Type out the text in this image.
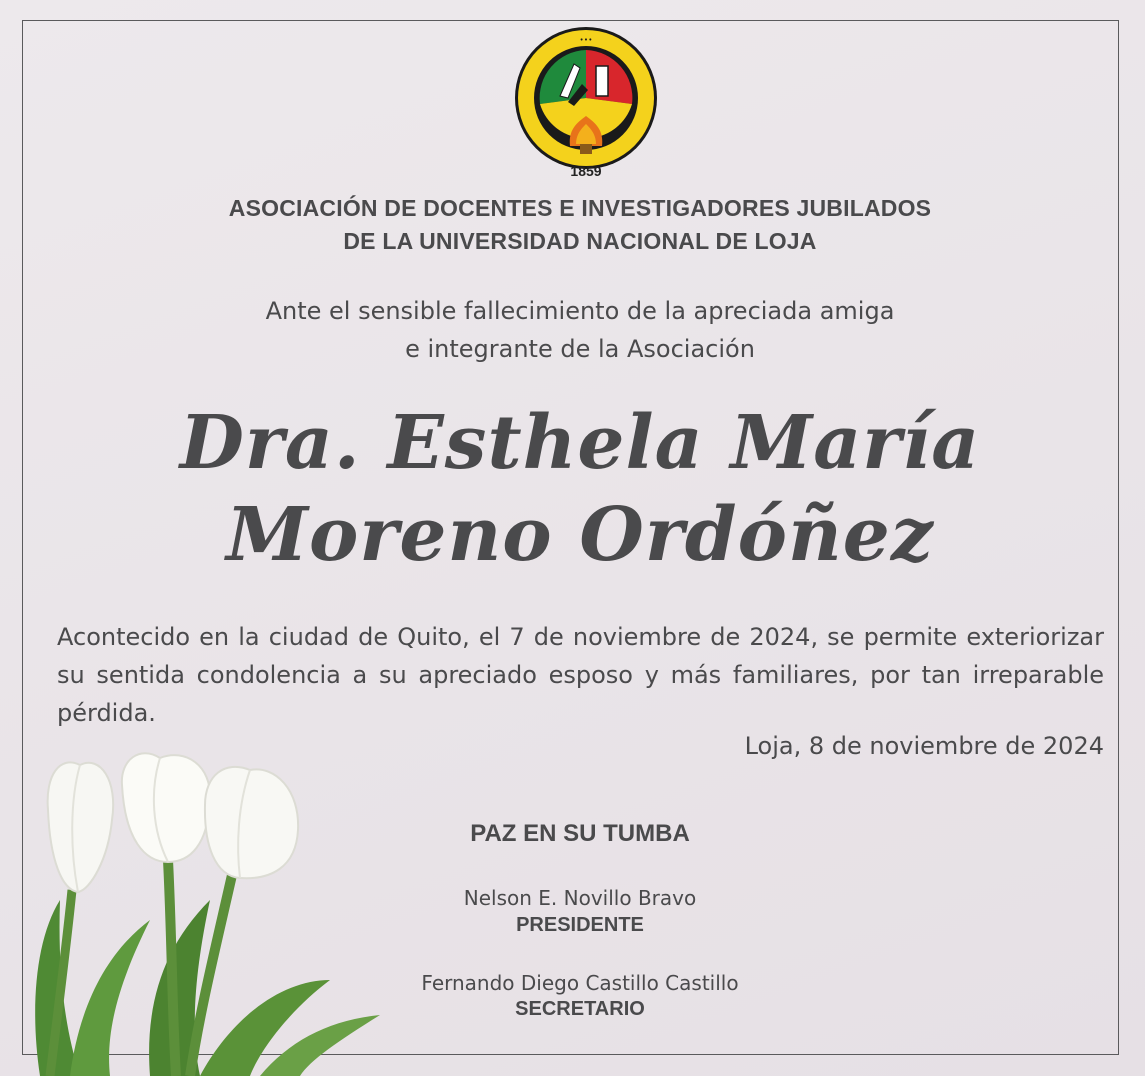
• • •
1859
ASOCIACIÓN DE DOCENTES E INVESTIGADORES JUBILADOS
DE LA UNIVERSIDAD NACIONAL DE LOJA

Ante el sensible fallecimiento de la apreciada amiga

e integrante de la Asociación

Dra. Esthela María
Moreno Ordóñez

Acontecido en la ciudad de Quito, el 7 de noviembre de 2024, se permite exteriorizar su sentida condolencia a su apreciado esposo y más familiares, por tan irreparable pérdida.

Loja, 8 de noviembre de 2024

PAZ EN SU TUMBA

Nelson E. Novillo Bravo

PRESIDENTE

Fernando Diego Castillo Castillo

SECRETARIO
